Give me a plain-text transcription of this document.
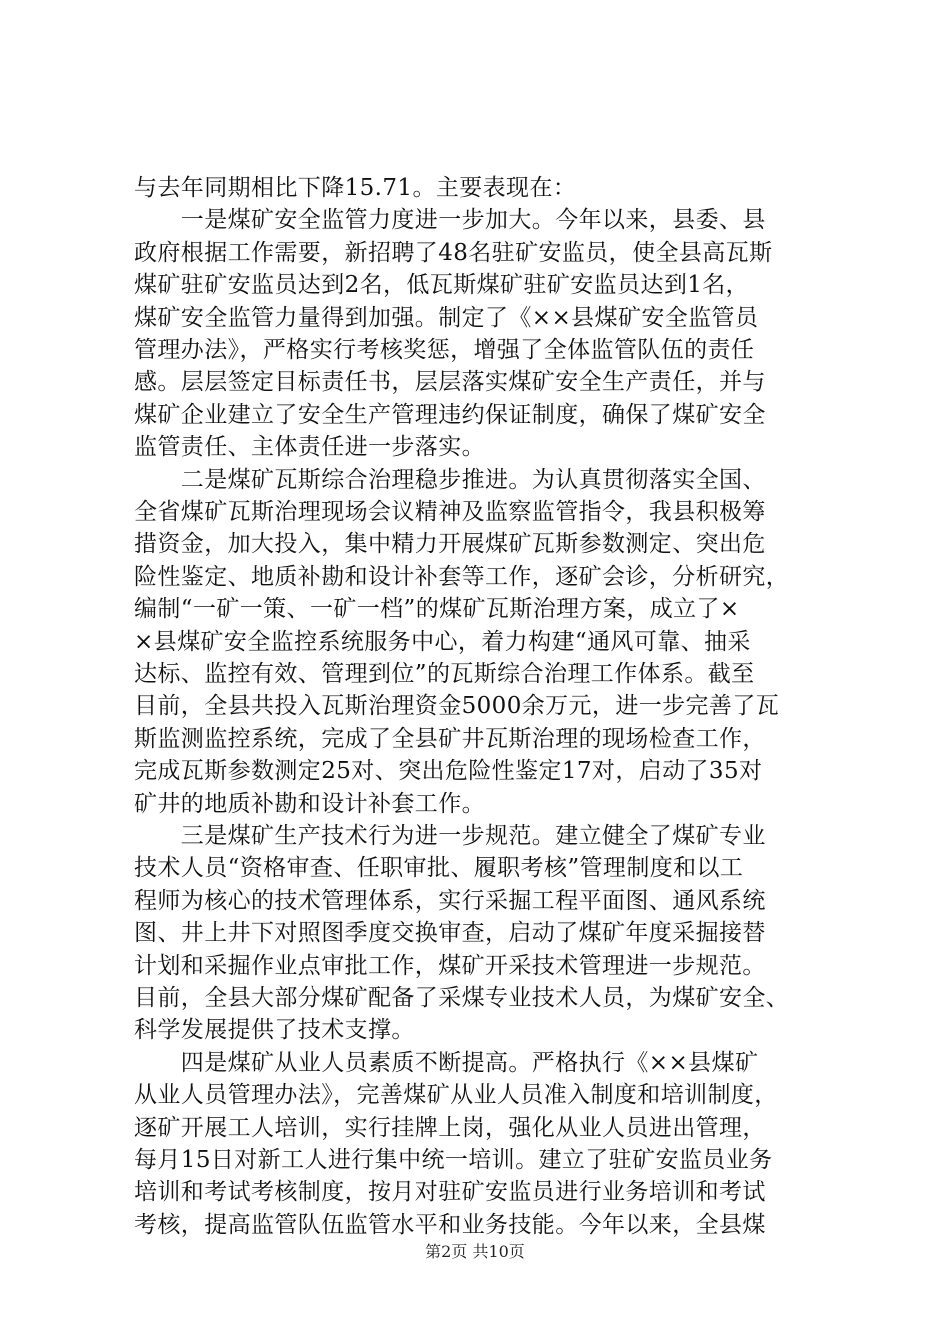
与去年同期相比下降15.71。主要表现在：
　　一是煤矿安全监管力度进一步加大。今年以来，县委、县
政府根据工作需要，新招聘了48名驻矿安监员，使全县高瓦斯
煤矿驻矿安监员达到2名，低瓦斯煤矿驻矿安监员达到1名，
煤矿安全监管力量得到加强。制定了《××县煤矿安全监管员
管理办法》，严格实行考核奖惩，增强了全体监管队伍的责任
感。层层签定目标责任书，层层落实煤矿安全生产责任，并与
煤矿企业建立了安全生产管理违约保证制度，确保了煤矿安全
监管责任、主体责任进一步落实。
　　二是煤矿瓦斯综合治理稳步推进。为认真贯彻落实全国、
全省煤矿瓦斯治理现场会议精神及监察监管指令，我县积极筹
措资金，加大投入，集中精力开展煤矿瓦斯参数测定、突出危
险性鉴定、地质补勘和设计补套等工作，逐矿会诊，分析研究，
编制“一矿一策、一矿一档”的煤矿瓦斯治理方案，成立了×
×县煤矿安全监控系统服务中心，着力构建“通风可靠、抽采
达标、监控有效、管理到位”的瓦斯综合治理工作体系。截至
目前，全县共投入瓦斯治理资金5000余万元，进一步完善了瓦
斯监测监控系统，完成了全县矿井瓦斯治理的现场检查工作，
完成瓦斯参数测定25对、突出危险性鉴定17对，启动了35对
矿井的地质补勘和设计补套工作。
　　三是煤矿生产技术行为进一步规范。建立健全了煤矿专业
技术人员“资格审查、任职审批、履职考核”管理制度和以工
程师为核心的技术管理体系，实行采掘工程平面图、通风系统
图、井上井下对照图季度交换审查，启动了煤矿年度采掘接替
计划和采掘作业点审批工作，煤矿开采技术管理进一步规范。
目前，全县大部分煤矿配备了采煤专业技术人员，为煤矿安全、
科学发展提供了技术支撑。
　　四是煤矿从业人员素质不断提高。严格执行《××县煤矿
从业人员管理办法》，完善煤矿从业人员准入制度和培训制度，
逐矿开展工人培训，实行挂牌上岗，强化从业人员进出管理，
每月15日对新工人进行集中统一培训。建立了驻矿安监员业务
培训和考试考核制度，按月对驻矿安监员进行业务培训和考试
考核，提高监管队伍监管水平和业务技能。今年以来，全县煤
第2页 共10页
